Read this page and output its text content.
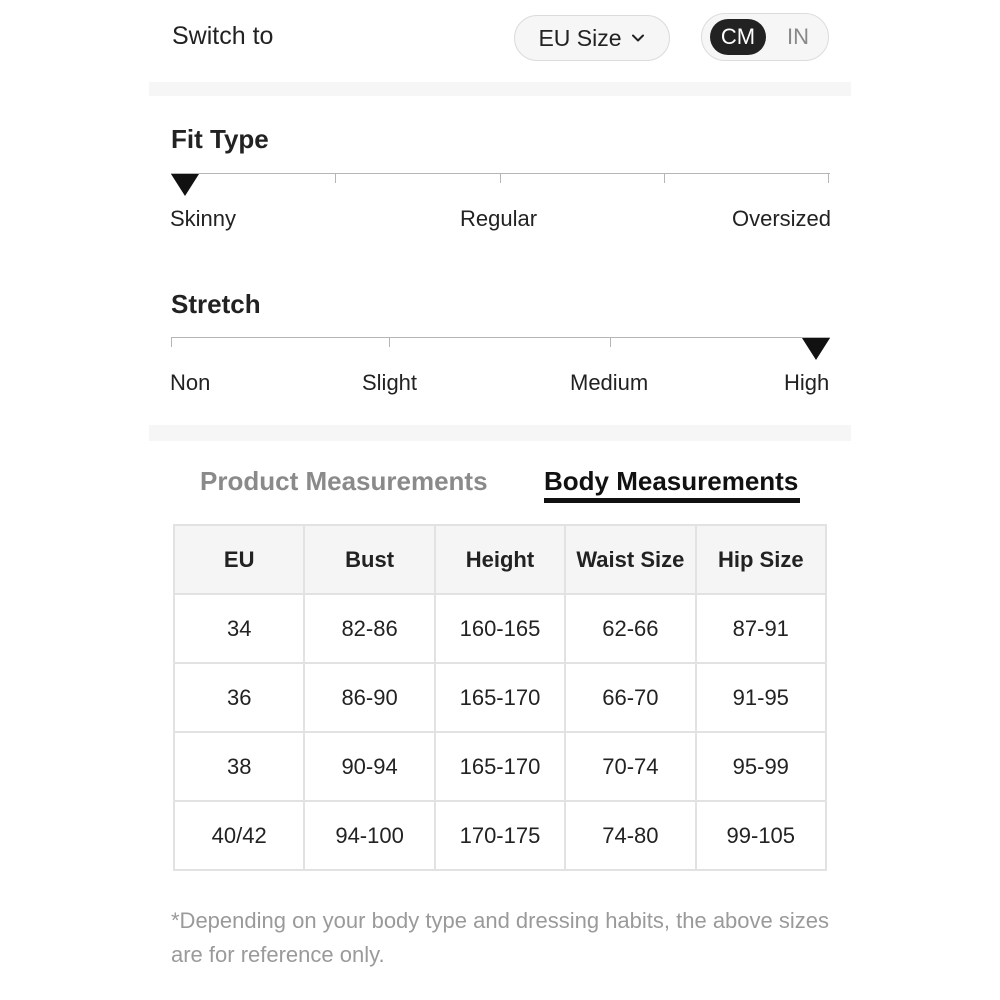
Switch to	EU Size	CM	IN
Fit Type
Skinny	Regular	Oversized
Stretch
Non	Slight	Medium	High
Product Measurements Body Measurements
EU	Bust	Height	Waist Size	Hip Size
34	82-86	160-165	62-66	87-91
36	86-90	165-170	66-70	91-95
38	90-94	165-170	70-74	95-99
40/42	94-100	170-175	74-80	99-105
*Depending on your body type and dressing habits, the above sizes are for reference only.
